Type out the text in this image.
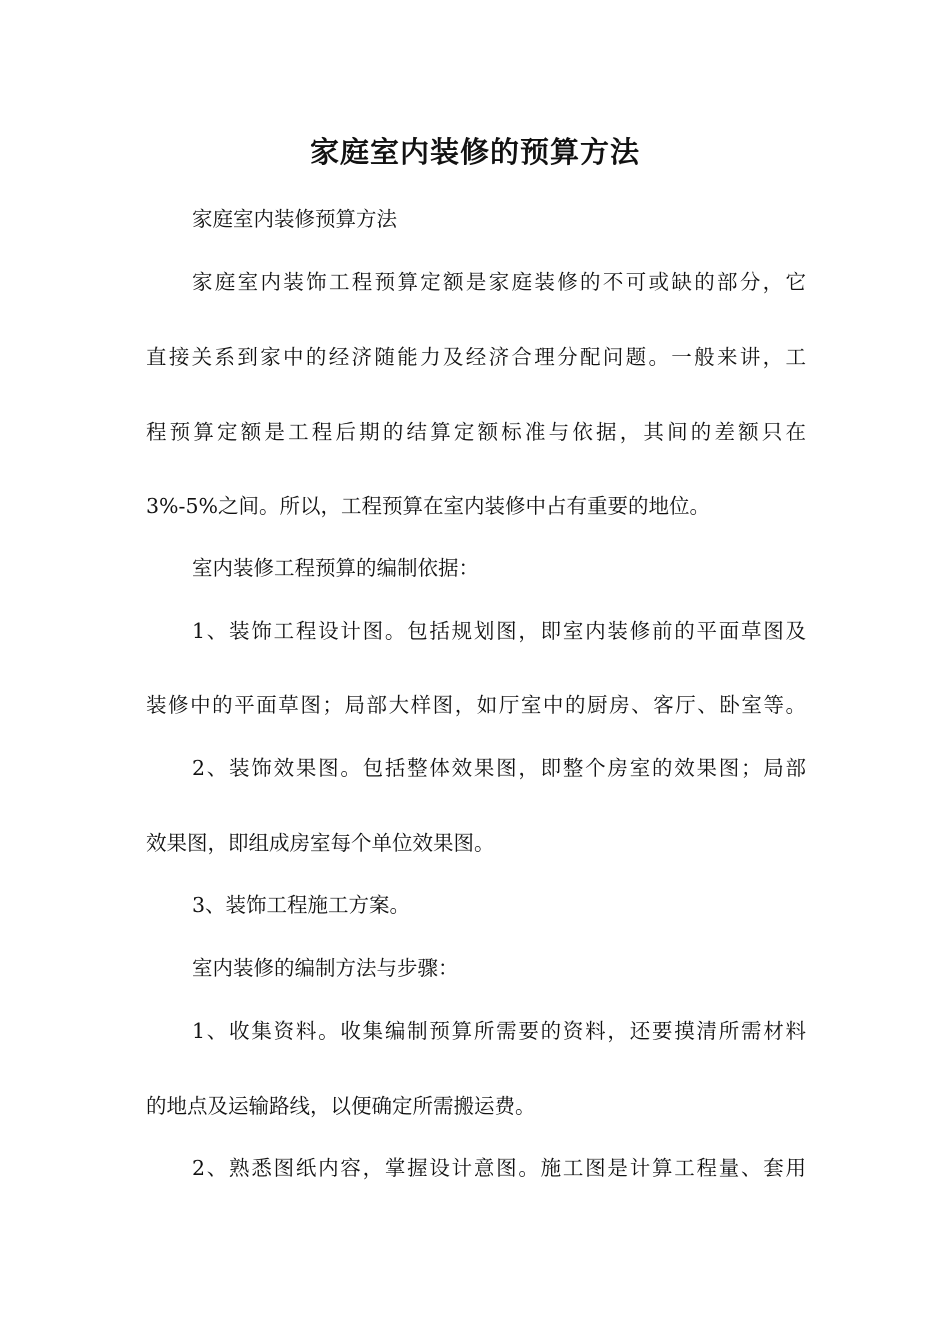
家庭室内装修的预算方法
家庭室内装修预算方法
家庭室内装饰工程预算定额是家庭装修的不可或缺的部分，它
直接关系到家中的经济随能力及经济合理分配问题。一般来讲，工
程预算定额是工程后期的结算定额标准与依据，其间的差额只在
3%-5%之间。所以，工程预算在室内装修中占有重要的地位。
室内装修工程预算的编制依据：
1、装饰工程设计图。包括规划图，即室内装修前的平面草图及
装修中的平面草图；局部大样图，如厅室中的厨房、客厅、卧室等。
2、装饰效果图。包括整体效果图，即整个房室的效果图；局部
效果图，即组成房室每个单位效果图。
3、装饰工程施工方案。
室内装修的编制方法与步骤：
1、收集资料。收集编制预算所需要的资料，还要摸清所需材料
的地点及运输路线，以便确定所需搬运费。
2、熟悉图纸内容，掌握设计意图。施工图是计算工程量、套用
